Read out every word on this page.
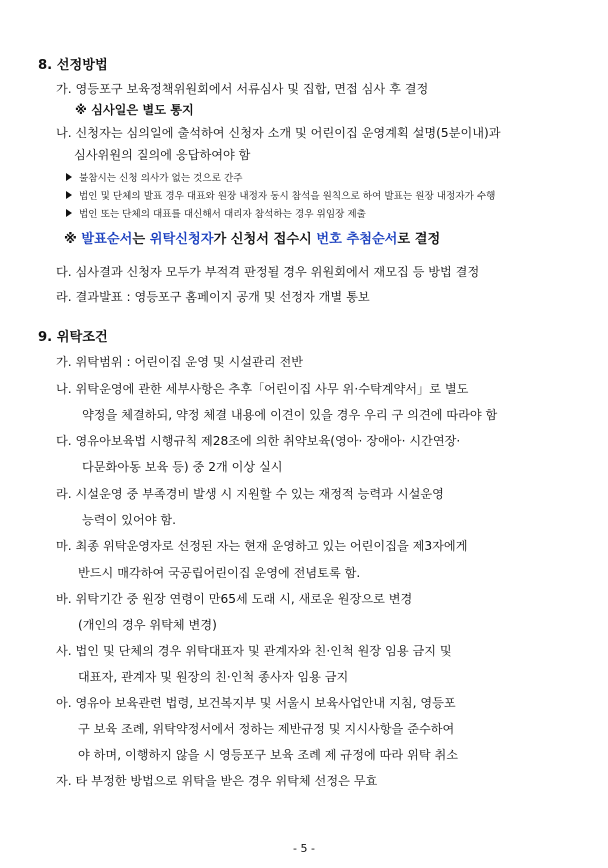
8. 선정방법
가. 영등포구 보육정책위원회에서 서류심사 및 집합, 면접 심사 후 결정
※ 심사일은 별도 통지
나. 신청자는 심의일에 출석하여 신청자 소개 및 어린이집 운영계획 설명(5분이내)과
심사위원의 질의에 응답하여야 함
불참시는 신청 의사가 없는 것으로 간주
법인 및 단체의 발표 경우 대표와 원장 내정자 동시 참석을 원칙으로 하여 발표는 원장 내정자가 수행
법인 또는 단체의 대표를 대신해서 대리자 참석하는 경우 위임장 제출
※ 발표순서는 위탁신청자가 신청서 접수시 번호 추첨순서로 결정
다. 심사결과 신청자 모두가 부적격 판정될 경우 위원회에서 재모집 등 방법 결정
라. 결과발표 : 영등포구 홈페이지 공개 및 선정자 개별 통보
9. 위탁조건
가. 위탁범위 : 어린이집 운영 및 시설관리 전반
나. 위탁운영에 관한 세부사항은 추후「어린이집 사무 위·수탁계약서」로 별도
약정을 체결하되, 약정 체결 내용에 이견이 있을 경우 우리 구 의견에 따라야 함
다. 영유아보육법 시행규칙 제28조에 의한 취약보육(영아· 장애아· 시간연장·
다문화아동 보육 등) 중 2개 이상 실시
라. 시설운영 중 부족경비 발생 시 지원할 수 있는 재정적 능력과 시설운영
능력이 있어야 함.
마. 최종 위탁운영자로 선정된 자는 현재 운영하고 있는 어린이집을 제3자에게
반드시 매각하여 국공립어린이집 운영에 전념토록 함.
바. 위탁기간 중 원장 연령이 만65세 도래 시, 새로운 원장으로 변경
(개인의 경우 위탁체 변경)
사. 법인 및 단체의 경우 위탁대표자 및 관계자와 친·인척 원장 임용 금지 및
대표자, 관계자 및 원장의 친·인척 종사자 임용 금지
아. 영유아 보육관련 법령, 보건복지부 및 서울시 보육사업안내 지침, 영등포
구 보육 조례, 위탁약정서에서 정하는 제반규정 및 지시사항을 준수하여
야 하며, 이행하지 않을 시 영등포구 보육 조례 제 규정에 따라 위탁 취소
자. 타 부정한 방법으로 위탁을 받은 경우 위탁체 선정은 무효
- 5 -
